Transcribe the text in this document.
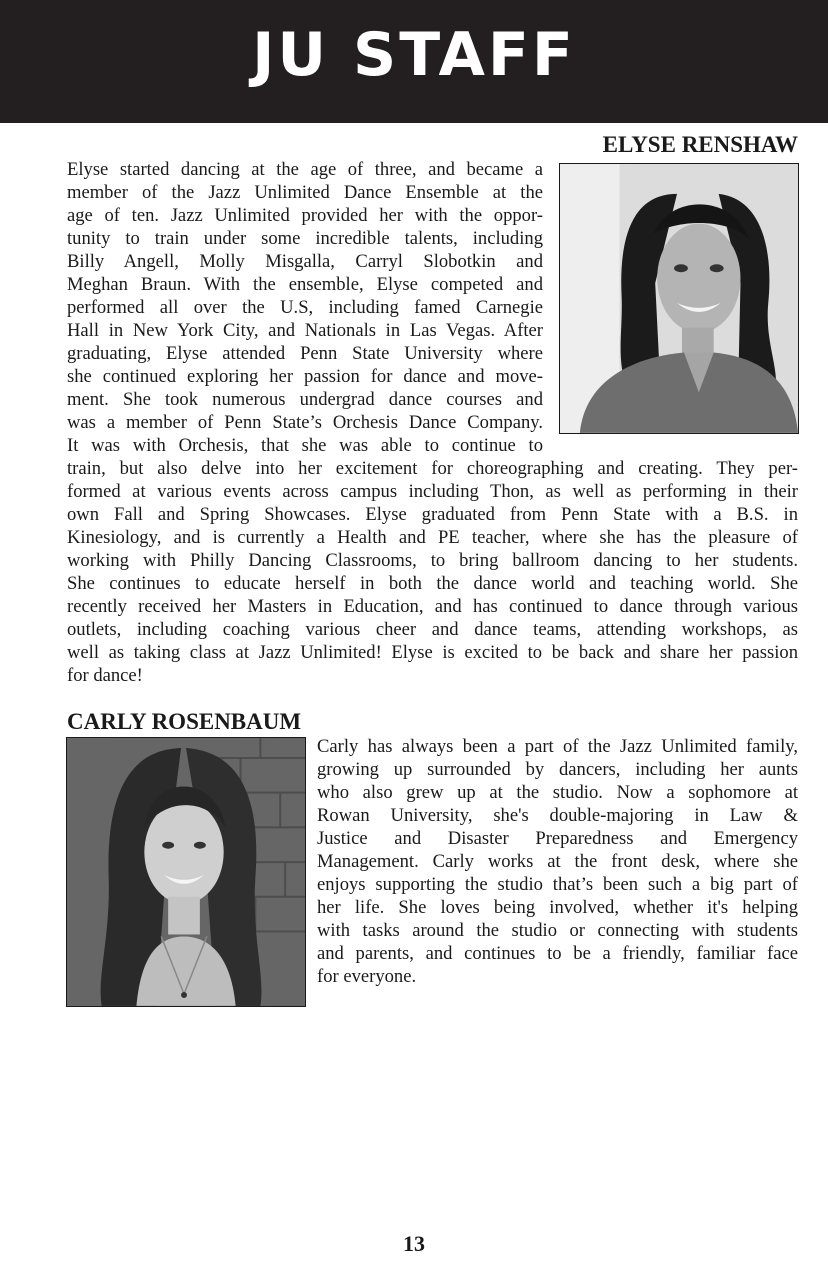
JU STAFF
ELYSE RENSHAW
Elyse started dancing at the age of three, and became a
member of the Jazz Unlimited Dance Ensemble at the
age of ten. Jazz Unlimited provided her with the oppor-
tunity to train under some incredible talents, including
Billy Angell, Molly Misgalla, Carryl Slobotkin and
Meghan Braun. With the ensemble, Elyse competed and
performed all over the U.S, including famed Carnegie
Hall in New York City, and Nationals in Las Vegas. After
graduating, Elyse attended Penn State University where
she continued exploring her passion for dance and move-
ment. She took numerous undergrad dance courses and
was a member of Penn State’s Orchesis Dance Company.
It was with Orchesis, that she was able to continue to
train, but also delve into her excitement for choreographing and creating. They per-
formed at various events across campus including Thon, as well as performing in their
own Fall and Spring Showcases. Elyse graduated from Penn State with a B.S. in
Kinesiology, and is currently a Health and PE teacher, where she has the pleasure of
working with Philly Dancing Classrooms, to bring ballroom dancing to her students.
She continues to educate herself in both the dance world and teaching world. She
recently received her Masters in Education, and has continued to dance through various
outlets, including coaching various cheer and dance teams, attending workshops, as
well as taking class at Jazz Unlimited! Elyse is excited to be back and share her passion
for dance!
CARLY ROSENBAUM
Carly has always been a part of the Jazz Unlimited family,
growing up surrounded by dancers, including her aunts
who also grew up at the studio. Now a sophomore at
Rowan University, she's double-majoring in Law &
Justice and Disaster Preparedness and Emergency
Management. Carly works at the front desk, where she
enjoys supporting the studio that’s been such a big part of
her life. She loves being involved, whether it's helping
with tasks around the studio or connecting with students
and parents, and continues to be a friendly, familiar face
for everyone.
13
